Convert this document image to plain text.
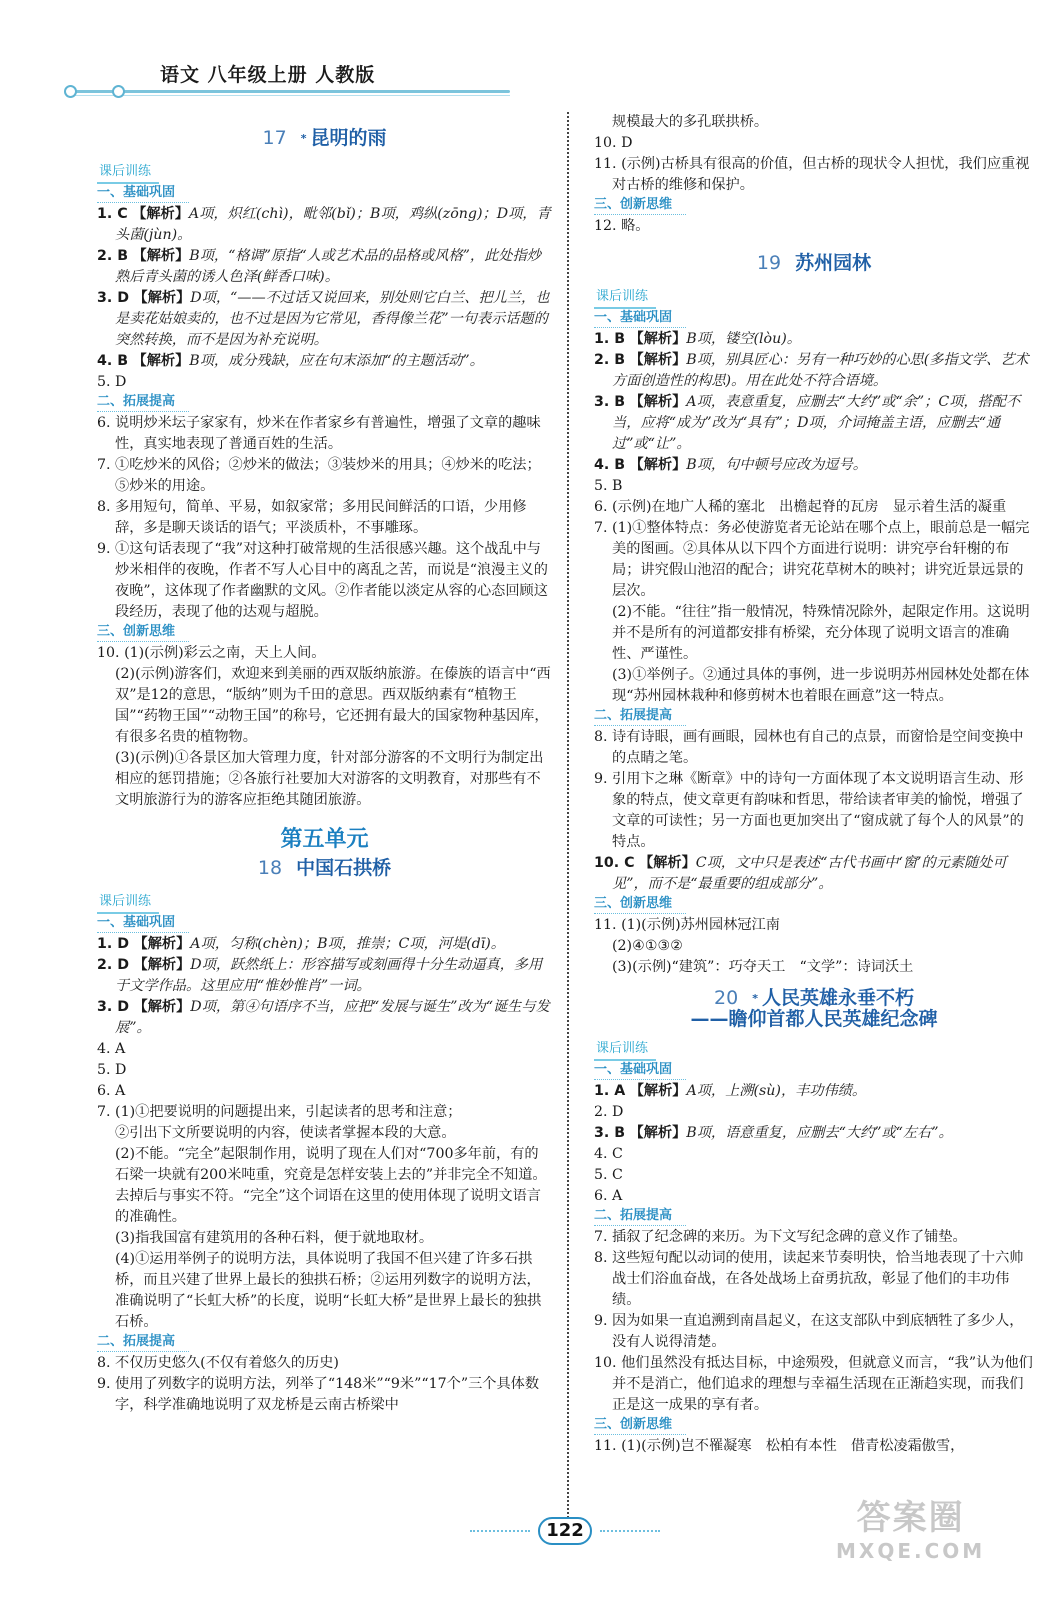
语文 八年级上册 人教版
17 * 昆明的雨
课后训练
一、基础巩固
1. C 【解析】A项，炽红(chì)，毗邻(bǐ)；B项，鸡纵(zōng)；D项，青头菌(jùn)。
2. B 【解析】B项，“格调”原指“人或艺术品的品格或风格”，此处指炒熟后青头菌的诱人色泽(鲜香口味)。
3. D 【解析】D项，“——不过话又说回来，别处则它白兰、把儿兰，也是卖花姑娘卖的，也不过是因为它常见，香得像兰花”一句表示话题的突然转换，而不是因为补充说明。
4. B 【解析】B项，成分残缺，应在句末添加“的主题活动”。
5. D
二、拓展提高
6. 说明炒米坛子家家有，炒米在作者家乡有普遍性，增强了文章的趣味性，真实地表现了普通百姓的生活。
7. ①吃炒米的风俗；②炒米的做法；③装炒米的用具；④炒米的吃法；⑤炒米的用途。
8. 多用短句，简单、平易，如叙家常；多用民间鲜活的口语，少用修辞，多是聊天谈话的语气；平淡质朴，不事雕琢。
9. ①这句话表现了“我”对这种打破常规的生活很感兴趣。这个战乱中与炒米相伴的夜晚，作者不写人心目中的离乱之苦，而说是“浪漫主义的夜晚”，这体现了作者幽默的文风。②作者能以淡定从容的心态回顾这段经历，表现了他的达观与超脱。
三、创新思维
10. (1)(示例)彩云之南，天上人间。
(2)(示例)游客们，欢迎来到美丽的西双版纳旅游。在傣族的语言中“西双”是12的意思，“版纳”则为千田的意思。西双版纳素有“植物王国”“药物王国”“动物王国”的称号，它还拥有最大的国家物种基因库，有很多名贵的植物物。
(3)(示例)①各景区加大管理力度，针对部分游客的不文明行为制定出相应的惩罚措施；②各旅行社要加大对游客的文明教育，对那些有不文明旅游行为的游客应拒绝其随团旅游。
第五单元
18 中国石拱桥
课后训练
一、基础巩固
1. D 【解析】A项，匀称(chèn)；B项，推崇；C项，河堤(dī)。
2. D 【解析】D项，跃然纸上：形容描写或刻画得十分生动逼真，多用于文学作品。这里应用“惟妙惟肖”一词。
3. D 【解析】D项，第④句语序不当，应把“发展与诞生”改为“诞生与发展”。
4. A
5. D
6. A
7. (1)①把要说明的问题提出来，引起读者的思考和注意；
②引出下文所要说明的内容，使读者掌握本段的大意。
(2)不能。“完全”起限制作用，说明了现在人们对“700多年前，有的石梁一块就有200米吨重，究竟是怎样安装上去的”并非完全不知道。去掉后与事实不符。“完全”这个词语在这里的使用体现了说明文语言的准确性。
(3)指我国富有建筑用的各种石料，便于就地取材。
(4)①运用举例子的说明方法，具体说明了我国不但兴建了许多石拱桥，而且兴建了世界上最长的独拱石桥；②运用列数字的说明方法，准确说明了“长虹大桥”的长度，说明“长虹大桥”是世界上最长的独拱石桥。
二、拓展提高
8. 不仅历史悠久(不仅有着悠久的历史)
9. 使用了列数字的说明方法，列举了“148米”“9米”“17个”三个具体数字，科学准确地说明了双龙桥是云南古桥梁中
规模最大的多孔联拱桥。
10. D
11. (示例)古桥具有很高的价值，但古桥的现状令人担忧，我们应重视对古桥的维修和保护。
三、创新思维
12. 略。
19 苏州园林
课后训练
一、基础巩固
1. B 【解析】B项，镂空(lòu)。
2. B 【解析】B项，别具匠心：另有一种巧妙的心思(多指文学、艺术方面创造性的构思)。用在此处不符合语境。
3. B 【解析】A项，表意重复，应删去“大约”或“余”；C项，搭配不当，应将“成为”改为“具有”；D项，介词掩盖主语，应删去“通过”或“让”。
4. B 【解析】B项，句中顿号应改为逗号。
5. B
6. (示例)在地广人稀的塞北　出檐起脊的瓦房　显示着生活的凝重
7. (1)①整体特点：务必使游览者无论站在哪个点上，眼前总是一幅完美的图画。②具体从以下四个方面进行说明：讲究亭台轩榭的布局；讲究假山池沼的配合；讲究花草树木的映衬；讲究近景远景的层次。
(2)不能。“往往”指一般情况，特殊情况除外，起限定作用。这说明并不是所有的河道都安排有桥梁，充分体现了说明文语言的准确性、严谨性。
(3)①举例子。②通过具体的事例，进一步说明苏州园林处处都在体现“苏州园林栽种和修剪树木也着眼在画意”这一特点。
二、拓展提高
8. 诗有诗眼，画有画眼，园林也有自己的点景，而窗恰是空间变换中的点睛之笔。
9. 引用卞之琳《断章》中的诗句一方面体现了本文说明语言生动、形象的特点，使文章更有韵味和哲思，带给读者审美的愉悦，增强了文章的可读性；另一方面也更加突出了“窗成就了每个人的风景”的特点。
10. C 【解析】C项，文中只是表述“古代书画中‘窗’的元素随处可见”，而不是“最重要的组成部分”。
三、创新思维
11. (1)(示例)苏州园林冠江南
(2)④①③②
(3)(示例)“建筑”：巧夺天工　“文学”：诗词沃土
20 * 人民英雄永垂不朽
——瞻仰首都人民英雄纪念碑
课后训练
一、基础巩固
1. A 【解析】A项，上溯(sù)，丰功伟绩。
2. D
3. B 【解析】B项，语意重复，应删去“大约”或“左右”。
4. C
5. C
6. A
二、拓展提高
7. 插叙了纪念碑的来历。为下文写纪念碑的意义作了铺垫。
8. 这些短句配以动词的使用，读起来节奏明快，恰当地表现了十六帅战士们浴血奋战，在各处战场上奋勇抗敌，彰显了他们的丰功伟绩。
9. 因为如果一直追溯到南昌起义，在这支部队中到底牺牲了多少人，没有人说得清楚。
10. 他们虽然没有抵达目标，中途殒殁，但就意义而言，“我”认为他们并不是消亡，他们追求的理想与幸福生活现在正渐趋实现，而我们正是这一成果的享有者。
三、创新思维
11. (1)(示例)岂不罹凝寒　松柏有本性　借青松凌霜傲雪，
122	答案圈
MXQE.COM
